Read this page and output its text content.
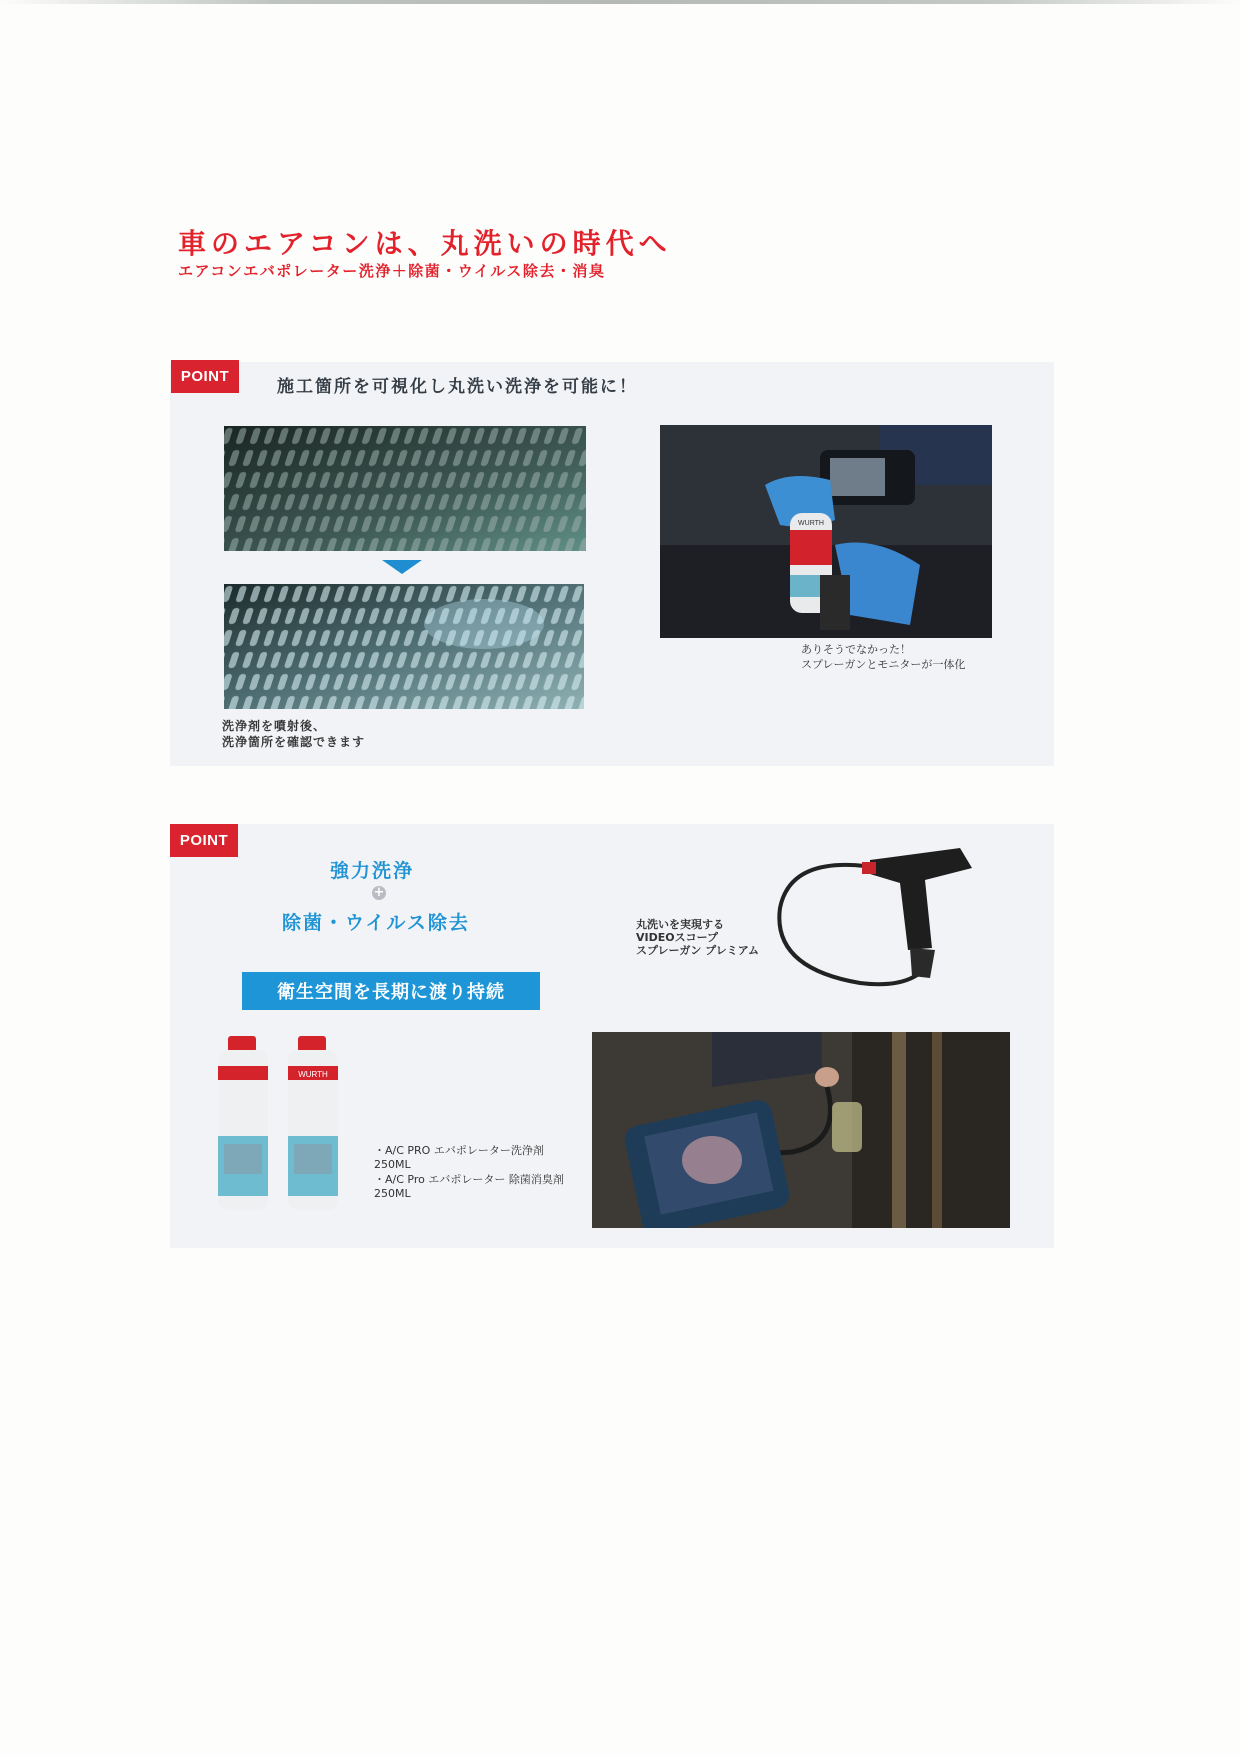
車のエアコンは、丸洗いの時代へ
エアコンエバポレーター洗浄＋除菌・ウイルス除去・消臭
POINT
施工箇所を可視化し丸洗い洗浄を可能に！

洗浄剤を噴射後、
洗浄箇所を確認できます

WURTH

ありそうでなかった！
スプレーガンとモニターが一体化

POINT

強力洗浄

+

除菌・ウイルス除去

衛生空間を長期に渡り持続
WURTH
・A/C PRO エバポレーター洗浄剤 250ML
・A/C Pro エバポレーター 除菌消臭剤 250ML

丸洗いを実現する
VIDEOスコープ
スプレーガン プレミアム
